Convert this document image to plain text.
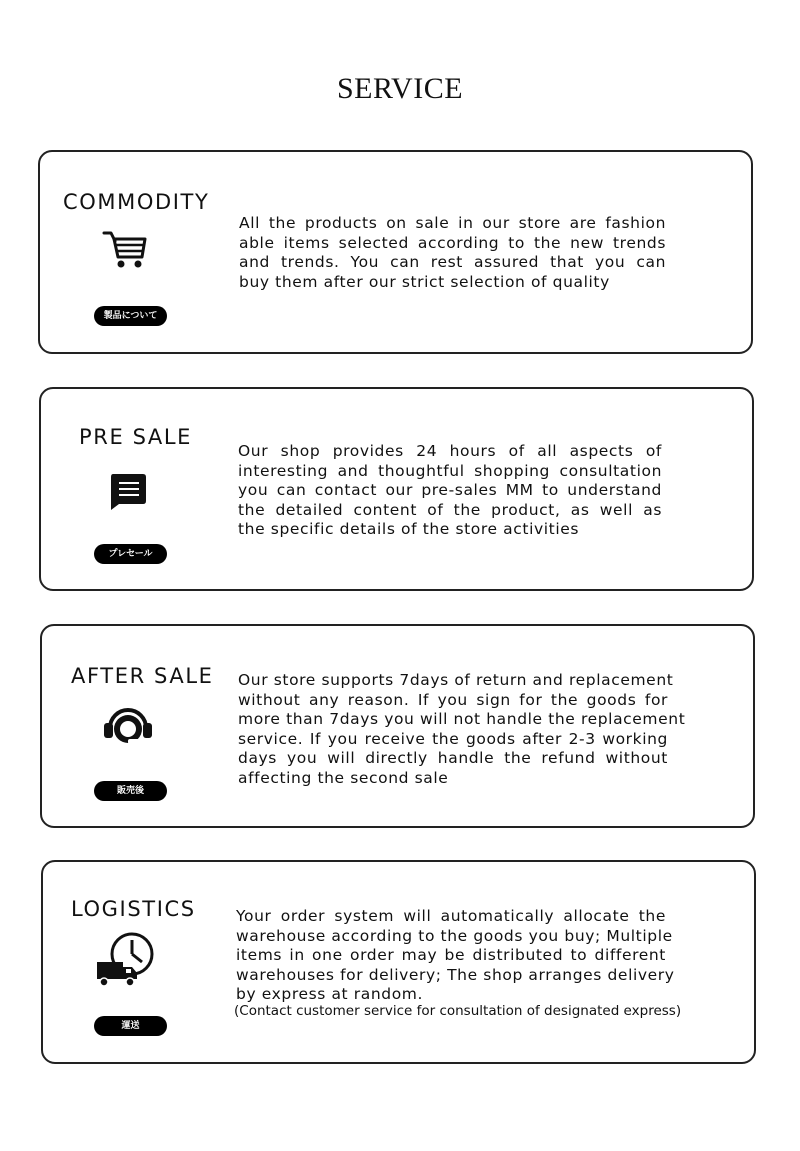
SERVICE
COMMODITY
製品について
All the products on sale in our store are fashion
able items selected according to the new trends
and trends. You can rest assured that you can
buy them after our strict selection of quality
PRE SALE
プレセール
Our shop provides 24 hours of all aspects of
interesting and thoughtful shopping consultation
you can contact our pre-sales MM to understand
the detailed content of the product, as well as
the specific details of the store activities
AFTER SALE
販売後
Our store supports 7days of return and replacement
without any reason. If you sign for the goods for
more than 7days you will not handle the replacement
service. If you receive the goods after 2-3 working
days you will directly handle the refund without
affecting the second sale
LOGISTICS
運送
Your order system will automatically allocate the
warehouse according to the goods you buy; Multiple
items in one order may be distributed to different
warehouses for delivery; The shop arranges delivery
by express at random.
(Contact customer service for consultation of designated express)
